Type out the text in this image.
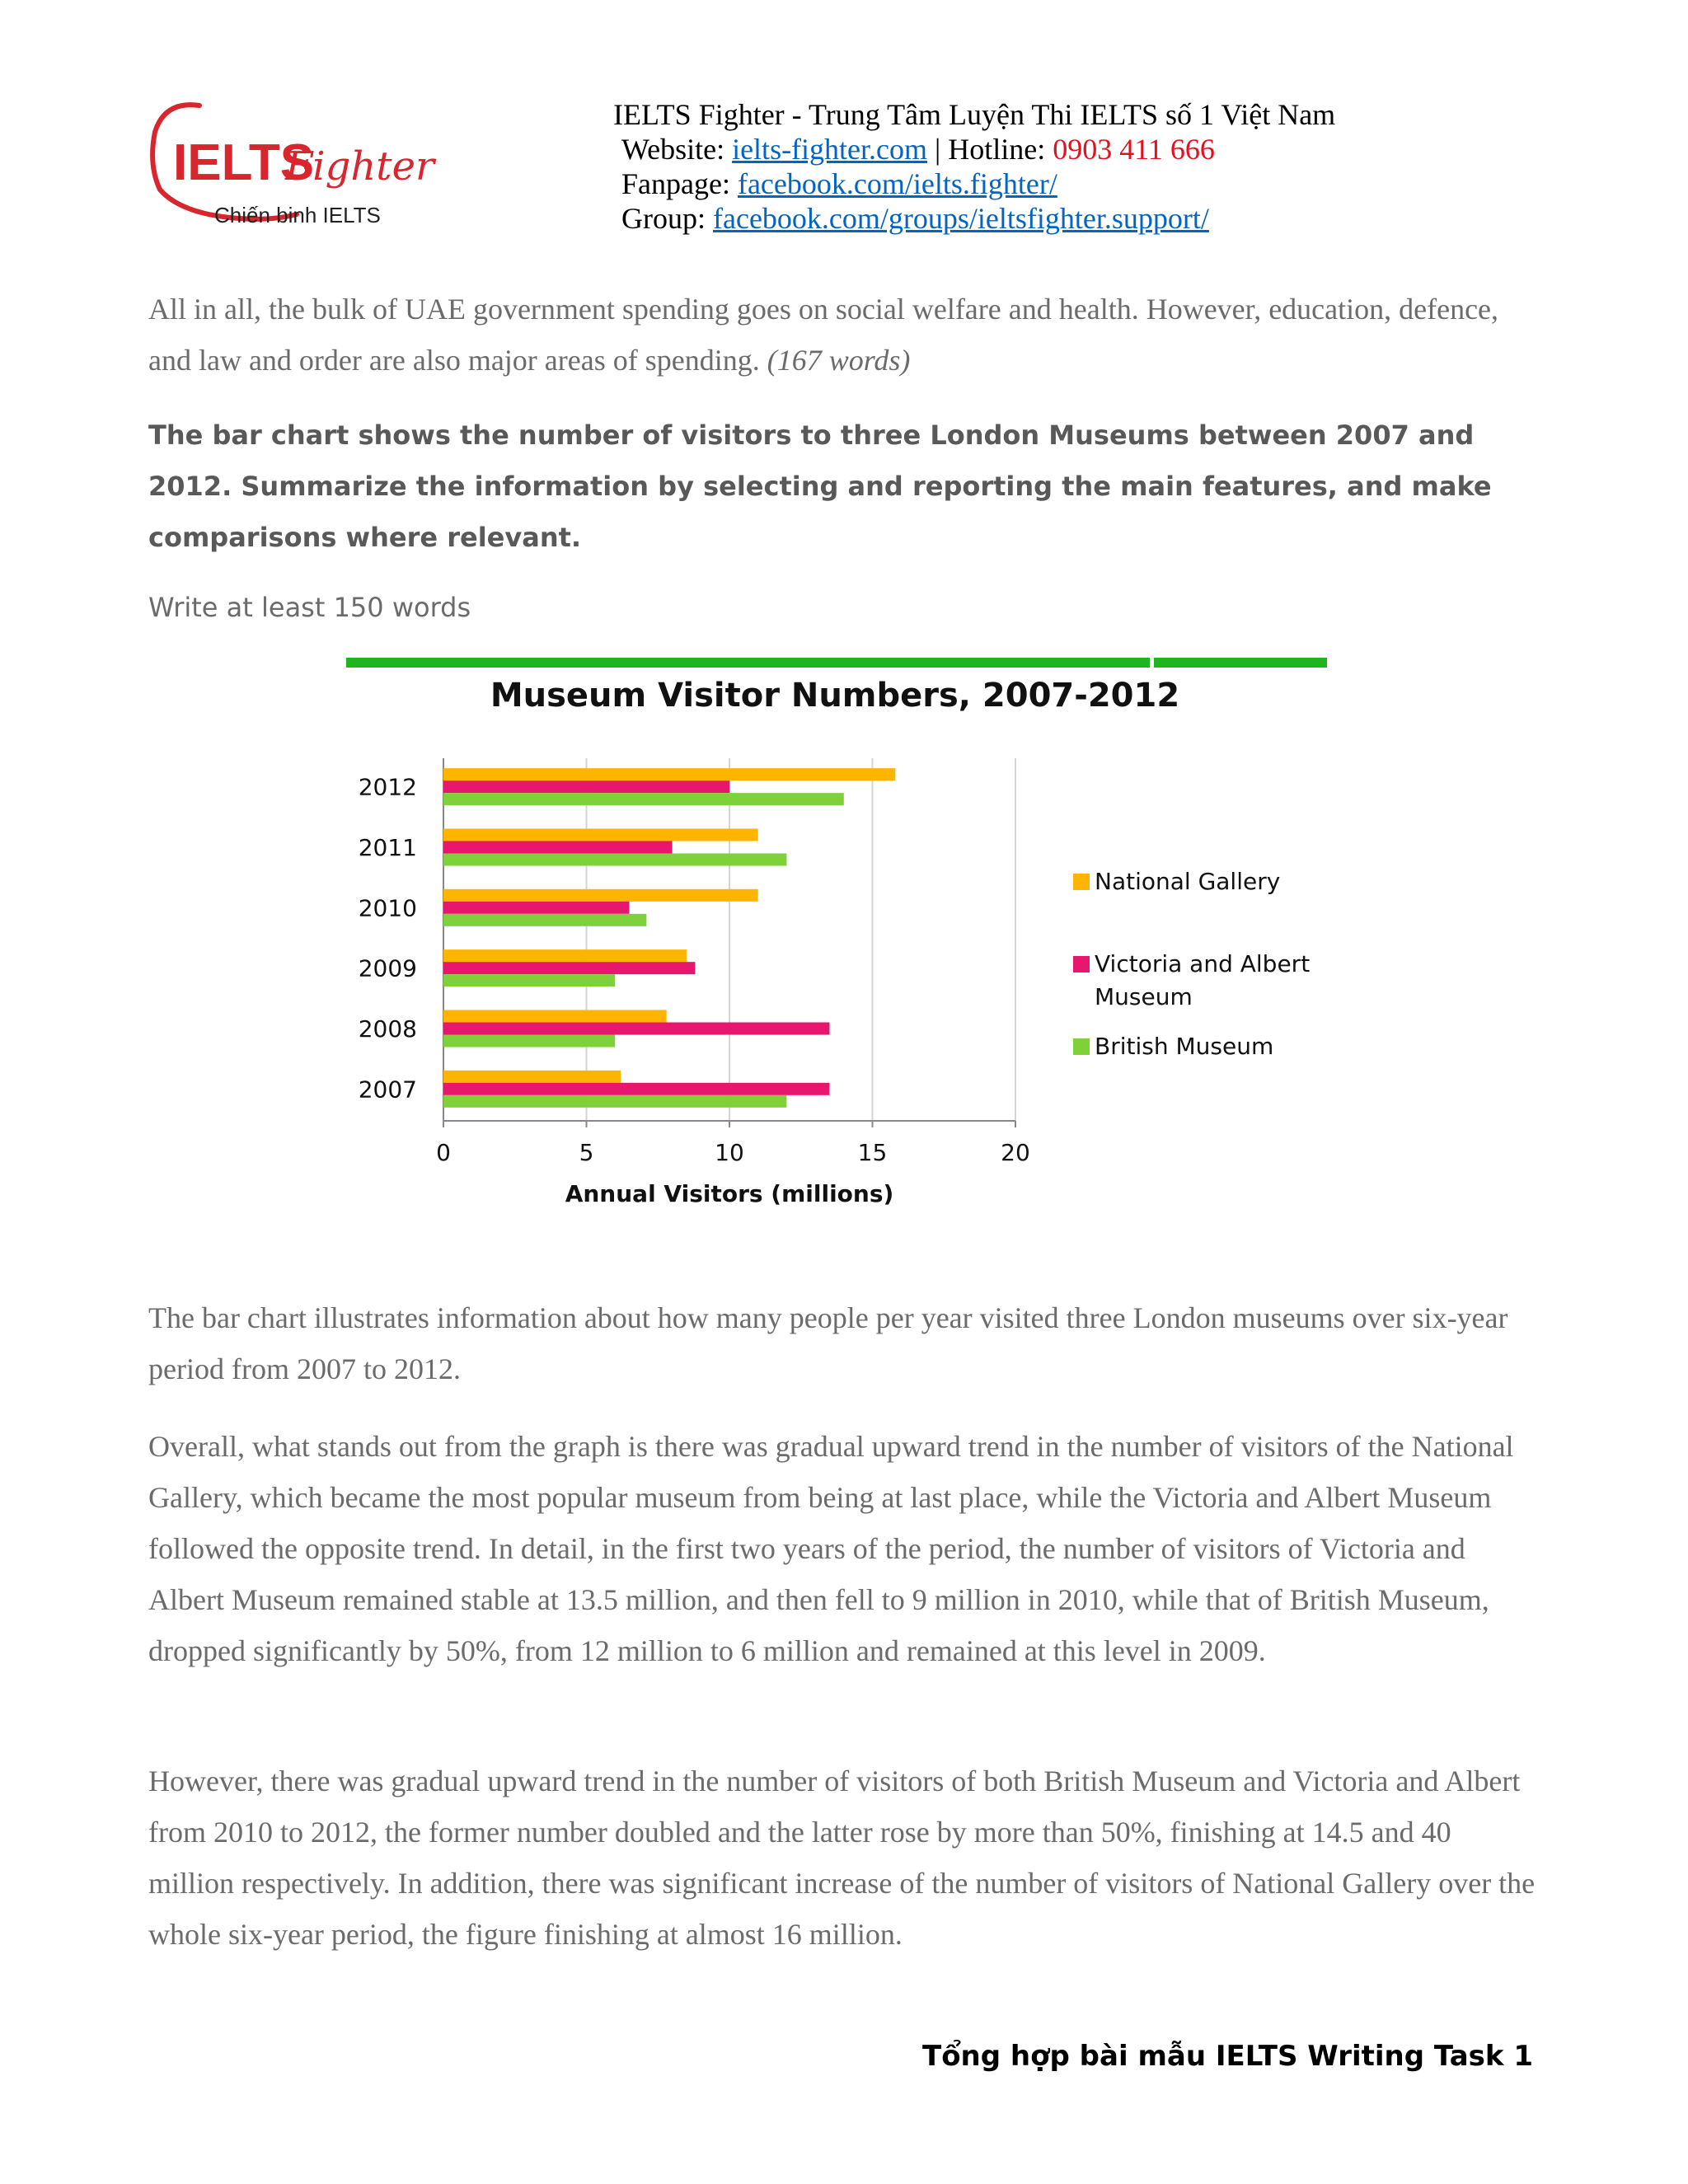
IELTS
Fighter
Chiến binh IELTS
IELTS Fighter - Trung Tâm Luyện Thi IELTS số 1 Việt Nam
Website: ielts-fighter.com | Hotline: 0903 411 666
Fanpage: facebook.com/ielts.fighter/
Group: facebook.com/groups/ieltsfighter.support/

All in all, the bulk of UAE government spending goes on social welfare and health. However, education, defence, and law and order are also major areas of spending. (167 words)

The bar chart shows the number of visitors to three London Museums between 2007 and 2012. Summarize the information by selecting and reporting the main features, and make comparisons where relevant.

Write at least 150 words

Museum Visitor Numbers, 2007-2012
0	5	10	15	20
2012
2011
2010
2009
2008
2007
Annual Visitors (millions)
National Gallery
Victoria and Albert
Museum
British Museum

The bar chart illustrates information about how many people per year visited three London museums over six-year period from 2007 to 2012.

Overall, what stands out from the graph is there was gradual upward trend in the number of visitors of the National Gallery, which became the most popular museum from being at last place, while the Victoria and Albert Museum followed the opposite trend. In detail, in the first two years of the period, the number of visitors of Victoria and Albert Museum remained stable at 13.5 million, and then fell to 9 million in 2010, while that of British Museum, dropped significantly by 50%, from 12 million to 6 million and remained at this level in 2009.

However, there was gradual upward trend in the number of visitors of both British Museum and Victoria and Albert from 2010 to 2012, the former number doubled and the latter rose by more than 50%, finishing at 14.5 and 40 million respectively. In addition, there was significant increase of the number of visitors of National Gallery over the whole six-year period, the figure finishing at almost 16 million.

Tổng hợp bài mẫu IELTS Writing Task 1
